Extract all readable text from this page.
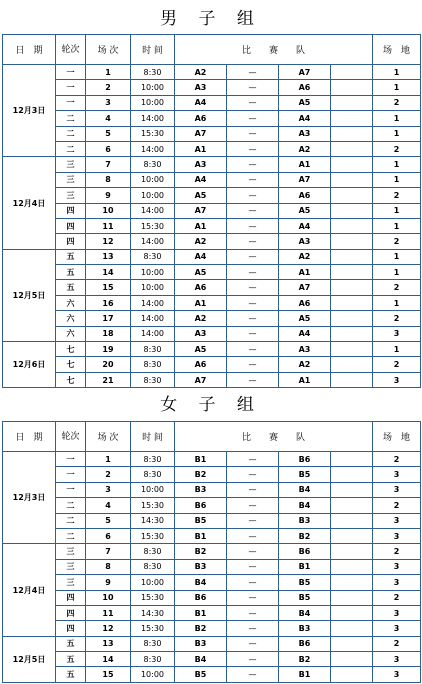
男 子 组
日　期	轮次	场 次	时 间	比　　赛　　队				场　地
12月3日	一	1	8:30	A2	—	A7		1
	一	2	10:00	A3	—	A6		1
	一	3	10:00	A4	—	A5		2
	二	4	14:00	A6	—	A4		1
	二	5	15:30	A7	—	A3		1
	二	6	14:00	A1	—	A2		2
12月4日	三	7	8:30	A3	—	A1		1
	三	8	10:00	A4	—	A7		1
	三	9	10:00	A5	—	A6		2
	四	10	14:00	A7	—	A5		1
	四	11	15:30	A1	—	A4		1
	四	12	14:00	A2	—	A3		2
12月5日	五	13	8:30	A4	—	A2		1
	五	14	10:00	A5	—	A1		1
	五	15	10:00	A6	—	A7		2
	六	16	14:00	A1	—	A6		1
	六	17	14:00	A2	—	A5		2
	六	18	14:00	A3	—	A4		3
12月6日	七	19	8:30	A5	—	A3		1
	七	20	8:30	A6	—	A2		2
	七	21	8:30	A7	—	A1		3
女 子 组
日　期	轮次	场 次	时 间	比　　赛　　队				场　地
12月3日	一	1	8:30	B1	—	B6		2
	一	2	8:30	B2	—	B5		3
	一	3	10:00	B3	—	B4		3
	二	4	15:30	B6	—	B4		2
	二	5	14:30	B5	—	B3		3
	二	6	15:30	B1	—	B2		3
12月4日	三	7	8:30	B2	—	B6		2
	三	8	8:30	B3	—	B1		3
	三	9	10:00	B4	—	B5		3
	四	10	15:30	B6	—	B5		2
	四	11	14:30	B1	—	B4		3
	四	12	15:30	B2	—	B3		3
12月5日	五	13	8:30	B3	—	B6		2
	五	14	8:30	B4	—	B2		3
	五	15	10:00	B5	—	B1		3
